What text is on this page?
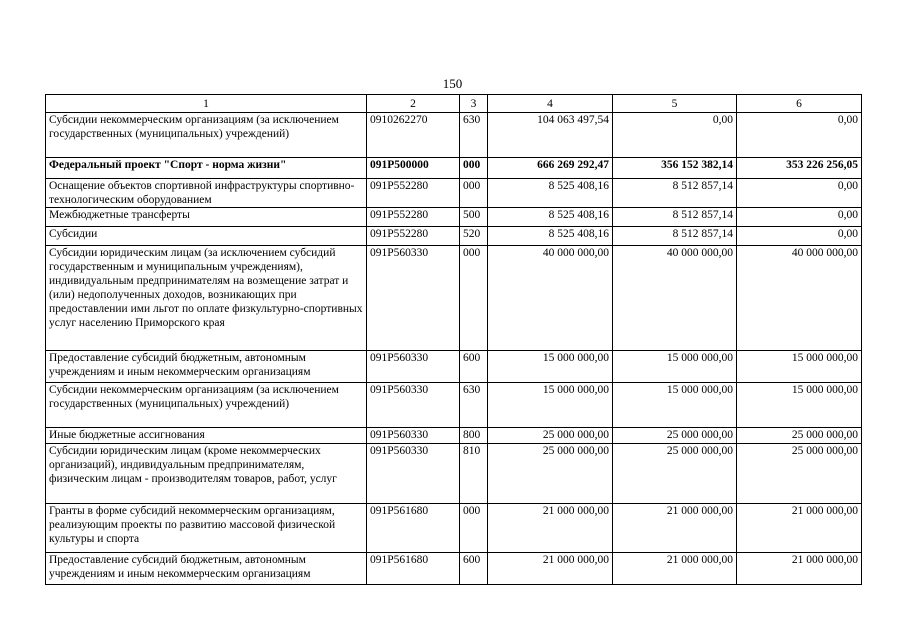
150
1	2	3	4	5	6
Субсидии некоммерческим организациям (за исключением государственных (муниципальных) учреждений)	0910262270	630	104 063 497,54	0,00	0,00
Федеральный проект "Спорт - норма жизни"	091P500000	000	666 269 292,47	356 152 382,14	353 226 256,05
Оснащение объектов спортивной инфраструктуры спортивно-технологическим оборудованием	091P552280	000	8 525 408,16	8 512 857,14	0,00
Межбюджетные трансферты	091P552280	500	8 525 408,16	8 512 857,14	0,00
Субсидии	091P552280	520	8 525 408,16	8 512 857,14	0,00
Субсидии юридическим лицам (за исключением субсидий государственным и муниципальным учреждениям), индивидуальным предпринимателям на возмещение затрат и (или) недополученных доходов, возникающих при предоставлении ими льгот по оплате физкультурно-спортивных услуг населению Приморского края	091P560330	000	40 000 000,00	40 000 000,00	40 000 000,00
Предоставление субсидий бюджетным, автономным учреждениям и иным некоммерческим организациям	091P560330	600	15 000 000,00	15 000 000,00	15 000 000,00
Субсидии некоммерческим организациям (за исключением государственных (муниципальных) учреждений)	091P560330	630	15 000 000,00	15 000 000,00	15 000 000,00
Иные бюджетные ассигнования	091P560330	800	25 000 000,00	25 000 000,00	25 000 000,00
Субсидии юридическим лицам (кроме некоммерческих организаций), индивидуальным предпринимателям, физическим лицам - производителям товаров, работ, услуг	091P560330	810	25 000 000,00	25 000 000,00	25 000 000,00
Гранты в форме субсидий некоммерческим организациям, реализующим проекты по развитию массовой физической культуры и спорта	091P561680	000	21 000 000,00	21 000 000,00	21 000 000,00
Предоставление субсидий бюджетным, автономным учреждениям и иным некоммерческим организациям	091P561680	600	21 000 000,00	21 000 000,00	21 000 000,00
